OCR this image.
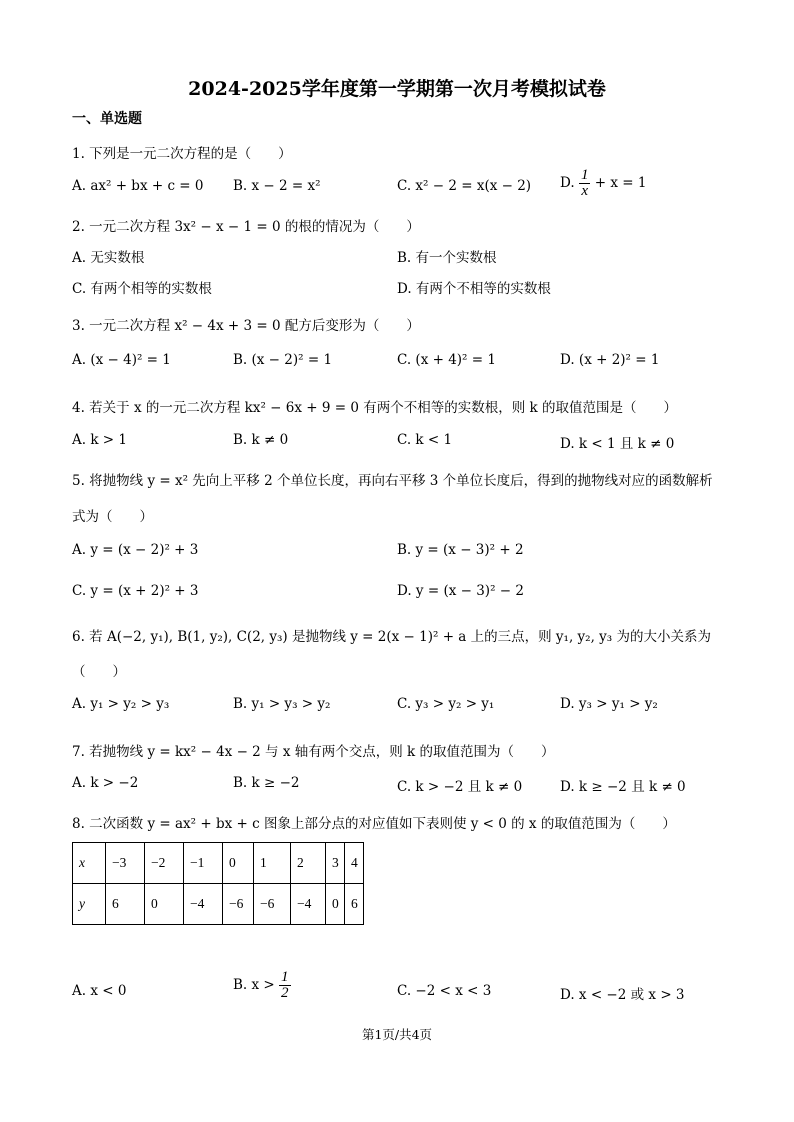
2024-2025学年度第一学期第一次月考模拟试卷
一、单选题
1. 下列是一元二次方程的是（　　）
A. ax² + bx + c = 0 B. x − 2 = x²	C. x² − 2 = x(x − 2) D. $\frac{1}{x} + x = 1$
2. 一元二次方程 3x² − x − 1 = 0 的根的情况为（　　）
A. 无实数根	B. 有一个实数根
C. 有两个相等的实数根	D. 有两个不相等的实数根
3. 一元二次方程 x² − 4x + 3 = 0 配方后变形为（　　）
A. (x − 4)² = 1	B. (x − 2)² = 1	C. (x + 4)² = 1	D. (x + 2)² = 1
4. 若关于 x 的一元二次方程 kx² − 6x + 9 = 0 有两个不相等的实数根，则 k 的取值范围是（　　）
A. k > 1	B. k ≠ 0	C. k < 1	D. k < 1 且 k ≠ 0
5. 将抛物线 y = x² 先向上平移 2 个单位长度，再向右平移 3 个单位长度后，得到的抛物线对应的函数解析
式为（　　）
A. y = (x − 2)² + 3	B. y = (x − 3)² + 2
C. y = (x + 2)² + 3	D. y = (x − 3)² − 2
6. 若 A(−2, y₁), B(1, y₂), C(2, y₃) 是抛物线 y = 2(x − 1)² + a 上的三点，则 y₁, y₂, y₃ 为的大小关系为
（　　）
A. y₁ > y₂ > y₃	B. y₁ > y₃ > y₂	C. y₃ > y₂ > y₁	D. y₃ > y₁ > y₂
7. 若抛物线 y = kx² − 4x − 2 与 x 轴有两个交点，则 k 的取值范围为（　　）
A. k > −2	B. k ≥ −2	C. k > −2 且 k ≠ 0	D. k ≥ −2 且 k ≠ 0
8. 二次函数 y = ax² + bx + c 图象上部分点的对应值如下表则使 y < 0 的 x 的取值范围为（　　）
x	−3	−2	−1	0	1	2	3	4
y	6	0	−4	−6	−6	−4	0	6
A. x < 0	B. $x > \frac{1}{2}$	C. −2 < x < 3	D. x < −2 或 x > 3
第1页/共4页
